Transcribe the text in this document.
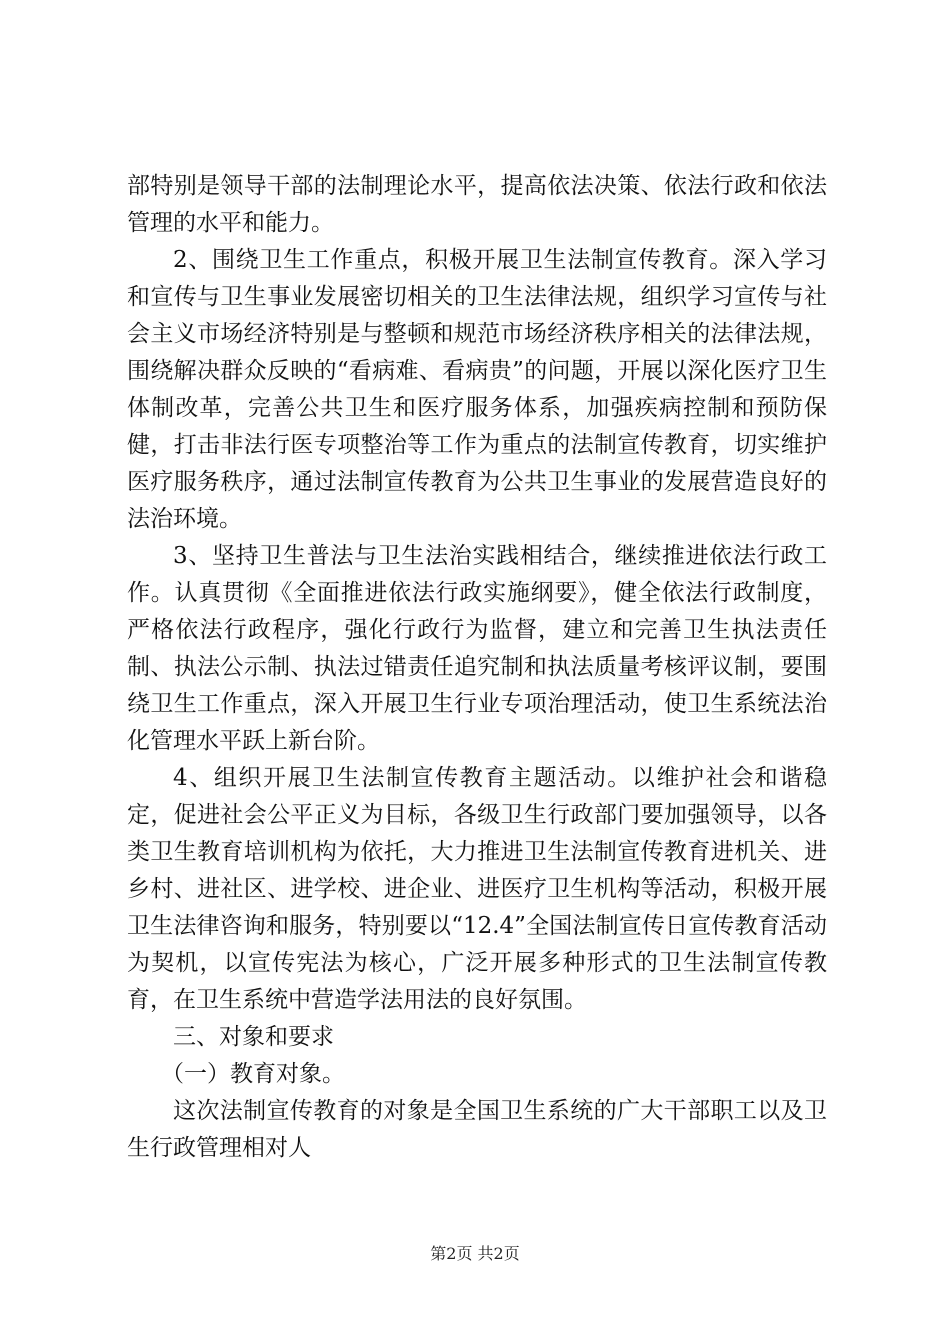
部特别是领导干部的法制理论水平，提高依法决策、依法行政和依法管理的水平和能力。

2、围绕卫生工作重点，积极开展卫生法制宣传教育。深入学习和宣传与卫生事业发展密切相关的卫生法律法规，组织学习宣传与社会主义市场经济特别是与整顿和规范市场经济秩序相关的法律法规，围绕解决群众反映的“看病难、看病贵”的问题，开展以深化医疗卫生体制改革，完善公共卫生和医疗服务体系，加强疾病控制和预防保健，打击非法行医专项整治等工作为重点的法制宣传教育，切实维护医疗服务秩序，通过法制宣传教育为公共卫生事业的发展营造良好的法治环境。

3、坚持卫生普法与卫生法治实践相结合，继续推进依法行政工作。认真贯彻《全面推进依法行政实施纲要》，健全依法行政制度，严格依法行政程序，强化行政行为监督，建立和完善卫生执法责任制、执法公示制、执法过错责任追究制和执法质量考核评议制，要围绕卫生工作重点，深入开展卫生行业专项治理活动，使卫生系统法治化管理水平跃上新台阶。

4、组织开展卫生法制宣传教育主题活动。以维护社会和谐稳定，促进社会公平正义为目标，各级卫生行政部门要加强领导，以各类卫生教育培训机构为依托，大力推进卫生法制宣传教育进机关、进乡村、进社区、进学校、进企业、进医疗卫生机构等活动，积极开展卫生法律咨询和服务，特别要以“12.4”全国法制宣传日宣传教育活动为契机，以宣传宪法为核心，广泛开展多种形式的卫生法制宣传教育，在卫生系统中营造学法用法的良好氛围。

三、对象和要求

（一）教育对象。

这次法制宣传教育的对象是全国卫生系统的广大干部职工以及卫生行政管理相对人

第2页 共2页
